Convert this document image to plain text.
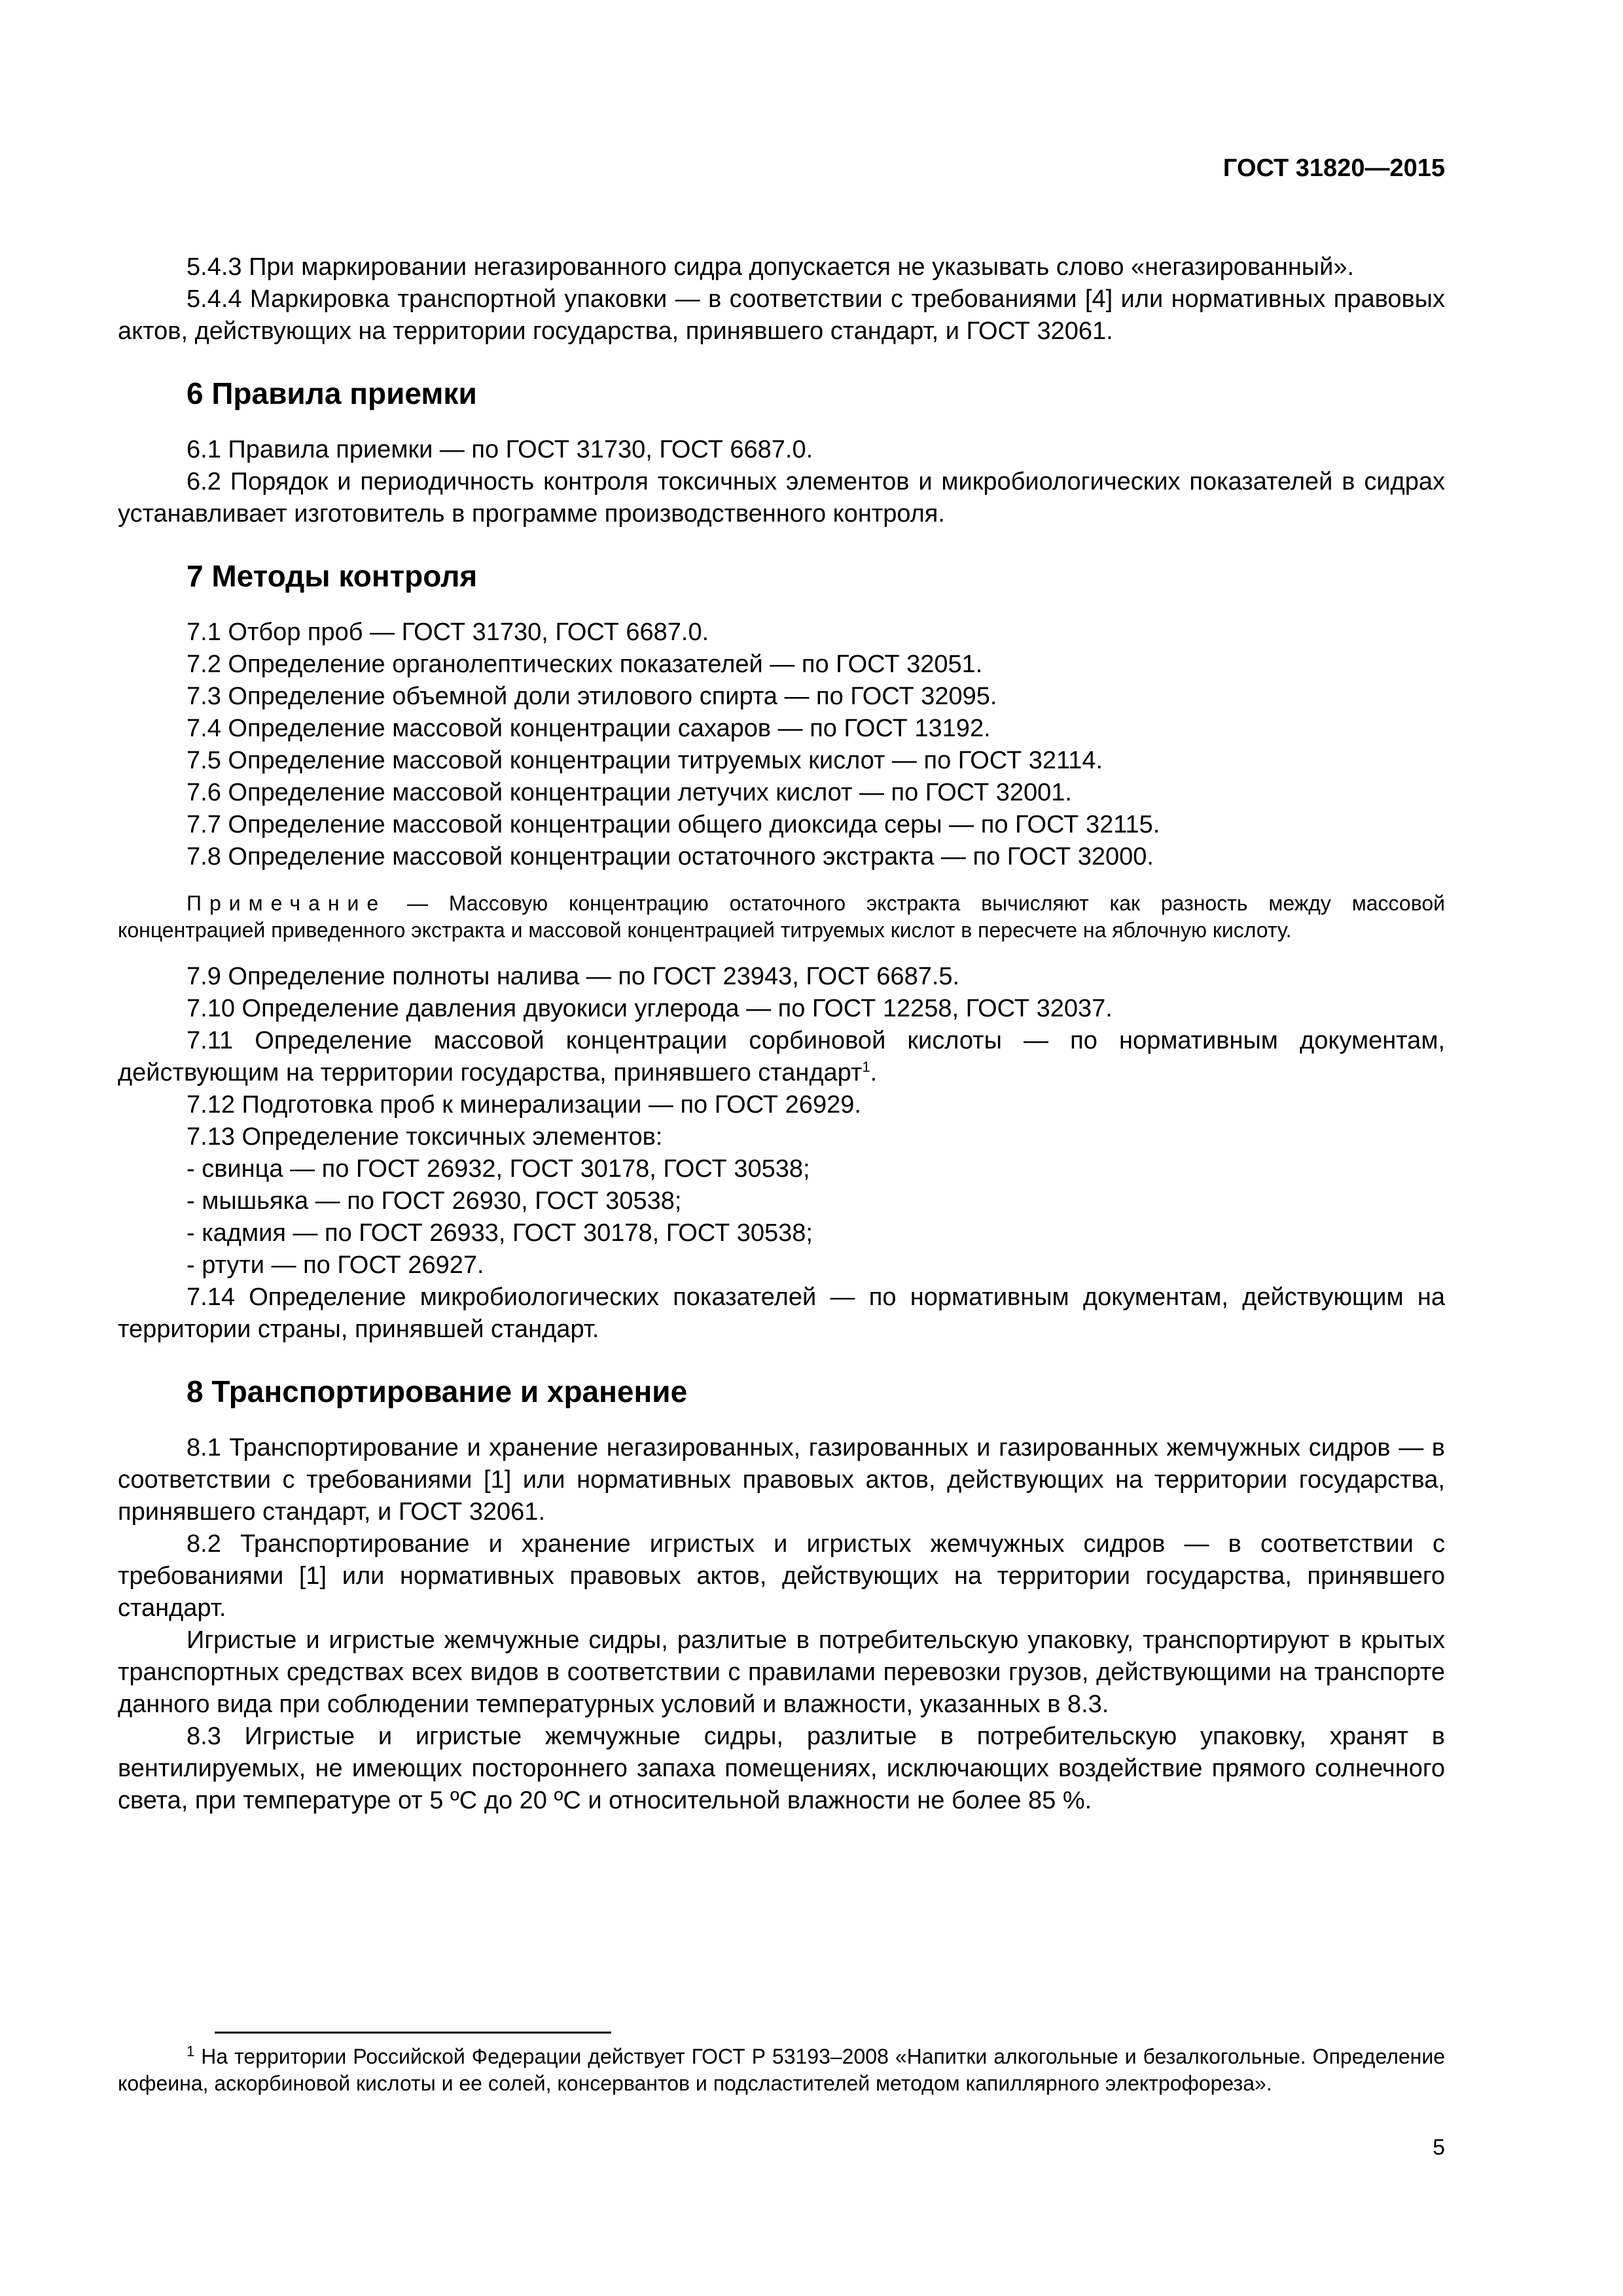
ГОСТ 31820—2015

5.4.3 При маркировании негазированного сидра допускается не указывать слово «негазированный».

5.4.4 Маркировка транспортной упаковки — в соответствии с требованиями [4] или нормативных правовых актов, действующих на территории государства, принявшего стандарт, и ГОСТ 32061.

6 Правила приемки

6.1 Правила приемки — по ГОСТ 31730, ГОСТ 6687.0.

6.2 Порядок и периодичность контроля токсичных элементов и микробиологических показателей в сидрах устанавливает изготовитель в программе производственного контроля.

7 Методы контроля

7.1 Отбор проб — ГОСТ 31730, ГОСТ 6687.0.

7.2 Определение органолептических показателей — по ГОСТ 32051.

7.3 Определение объемной доли этилового спирта — по ГОСТ 32095.

7.4 Определение массовой концентрации сахаров — по ГОСТ 13192.

7.5 Определение массовой концентрации титруемых кислот — по ГОСТ 32114.

7.6 Определение массовой концентрации летучих кислот — по ГОСТ 32001.

7.7 Определение массовой концентрации общего диоксида серы — по ГОСТ 32115.

7.8 Определение массовой концентрации остаточного экстракта — по ГОСТ 32000.

Примечание — Массовую концентрацию остаточного экстракта вычисляют как разность между массовой концентрацией приведенного экстракта и массовой концентрацией титруемых кислот в пересчете на яблочную кислоту.

7.9 Определение полноты налива — по ГОСТ 23943, ГОСТ 6687.5.

7.10 Определение давления двуокиси углерода — по ГОСТ 12258, ГОСТ 32037.

7.11 Определение массовой концентрации сорбиновой кислоты — по нормативным документам, действующим на территории государства, принявшего стандарт$^1$.

7.12 Подготовка проб к минерализации — по ГОСТ 26929.

7.13 Определение токсичных элементов:

- свинца — по ГОСТ 26932, ГОСТ 30178, ГОСТ 30538;

- мышьяка — по ГОСТ 26930, ГОСТ 30538;

- кадмия — по ГОСТ 26933, ГОСТ 30178, ГОСТ 30538;

- ртути — по ГОСТ 26927.

7.14 Определение микробиологических показателей — по нормативным документам, действующим на территории страны, принявшей стандарт.

8 Транспортирование и хранение

8.1 Транспортирование и хранение негазированных, газированных и газированных жемчужных сидров — в соответствии с требованиями [1] или нормативных правовых актов, действующих на территории государства, принявшего стандарт, и ГОСТ 32061.

8.2 Транспортирование и хранение игристых и игристых жемчужных сидров — в соответствии с требованиями [1] или нормативных правовых актов, действующих на территории государства, принявшего стандарт.

Игристые и игристые жемчужные сидры, разлитые в потребительскую упаковку, транспортируют в крытых транспортных средствах всех видов в соответствии с правилами перевозки грузов, действующими на транспорте данного вида при соблюдении температурных условий и влажности, указанных в 8.3.

8.3 Игристые и игристые жемчужные сидры, разлитые в потребительскую упаковку, хранят в вентилируемых, не имеющих постороннего запаха помещениях, исключающих воздействие прямого солнечного света, при температуре от 5 ºС до 20 ºС и относительной влажности не более 85 %.

$^1$ На территории Российской Федерации действует ГОСТ Р 53193–2008 «Напитки алкогольные и безалкогольные. Определение кофеина, аскорбиновой кислоты и ее солей, консервантов и подсластителей методом капиллярного электрофореза».
5
